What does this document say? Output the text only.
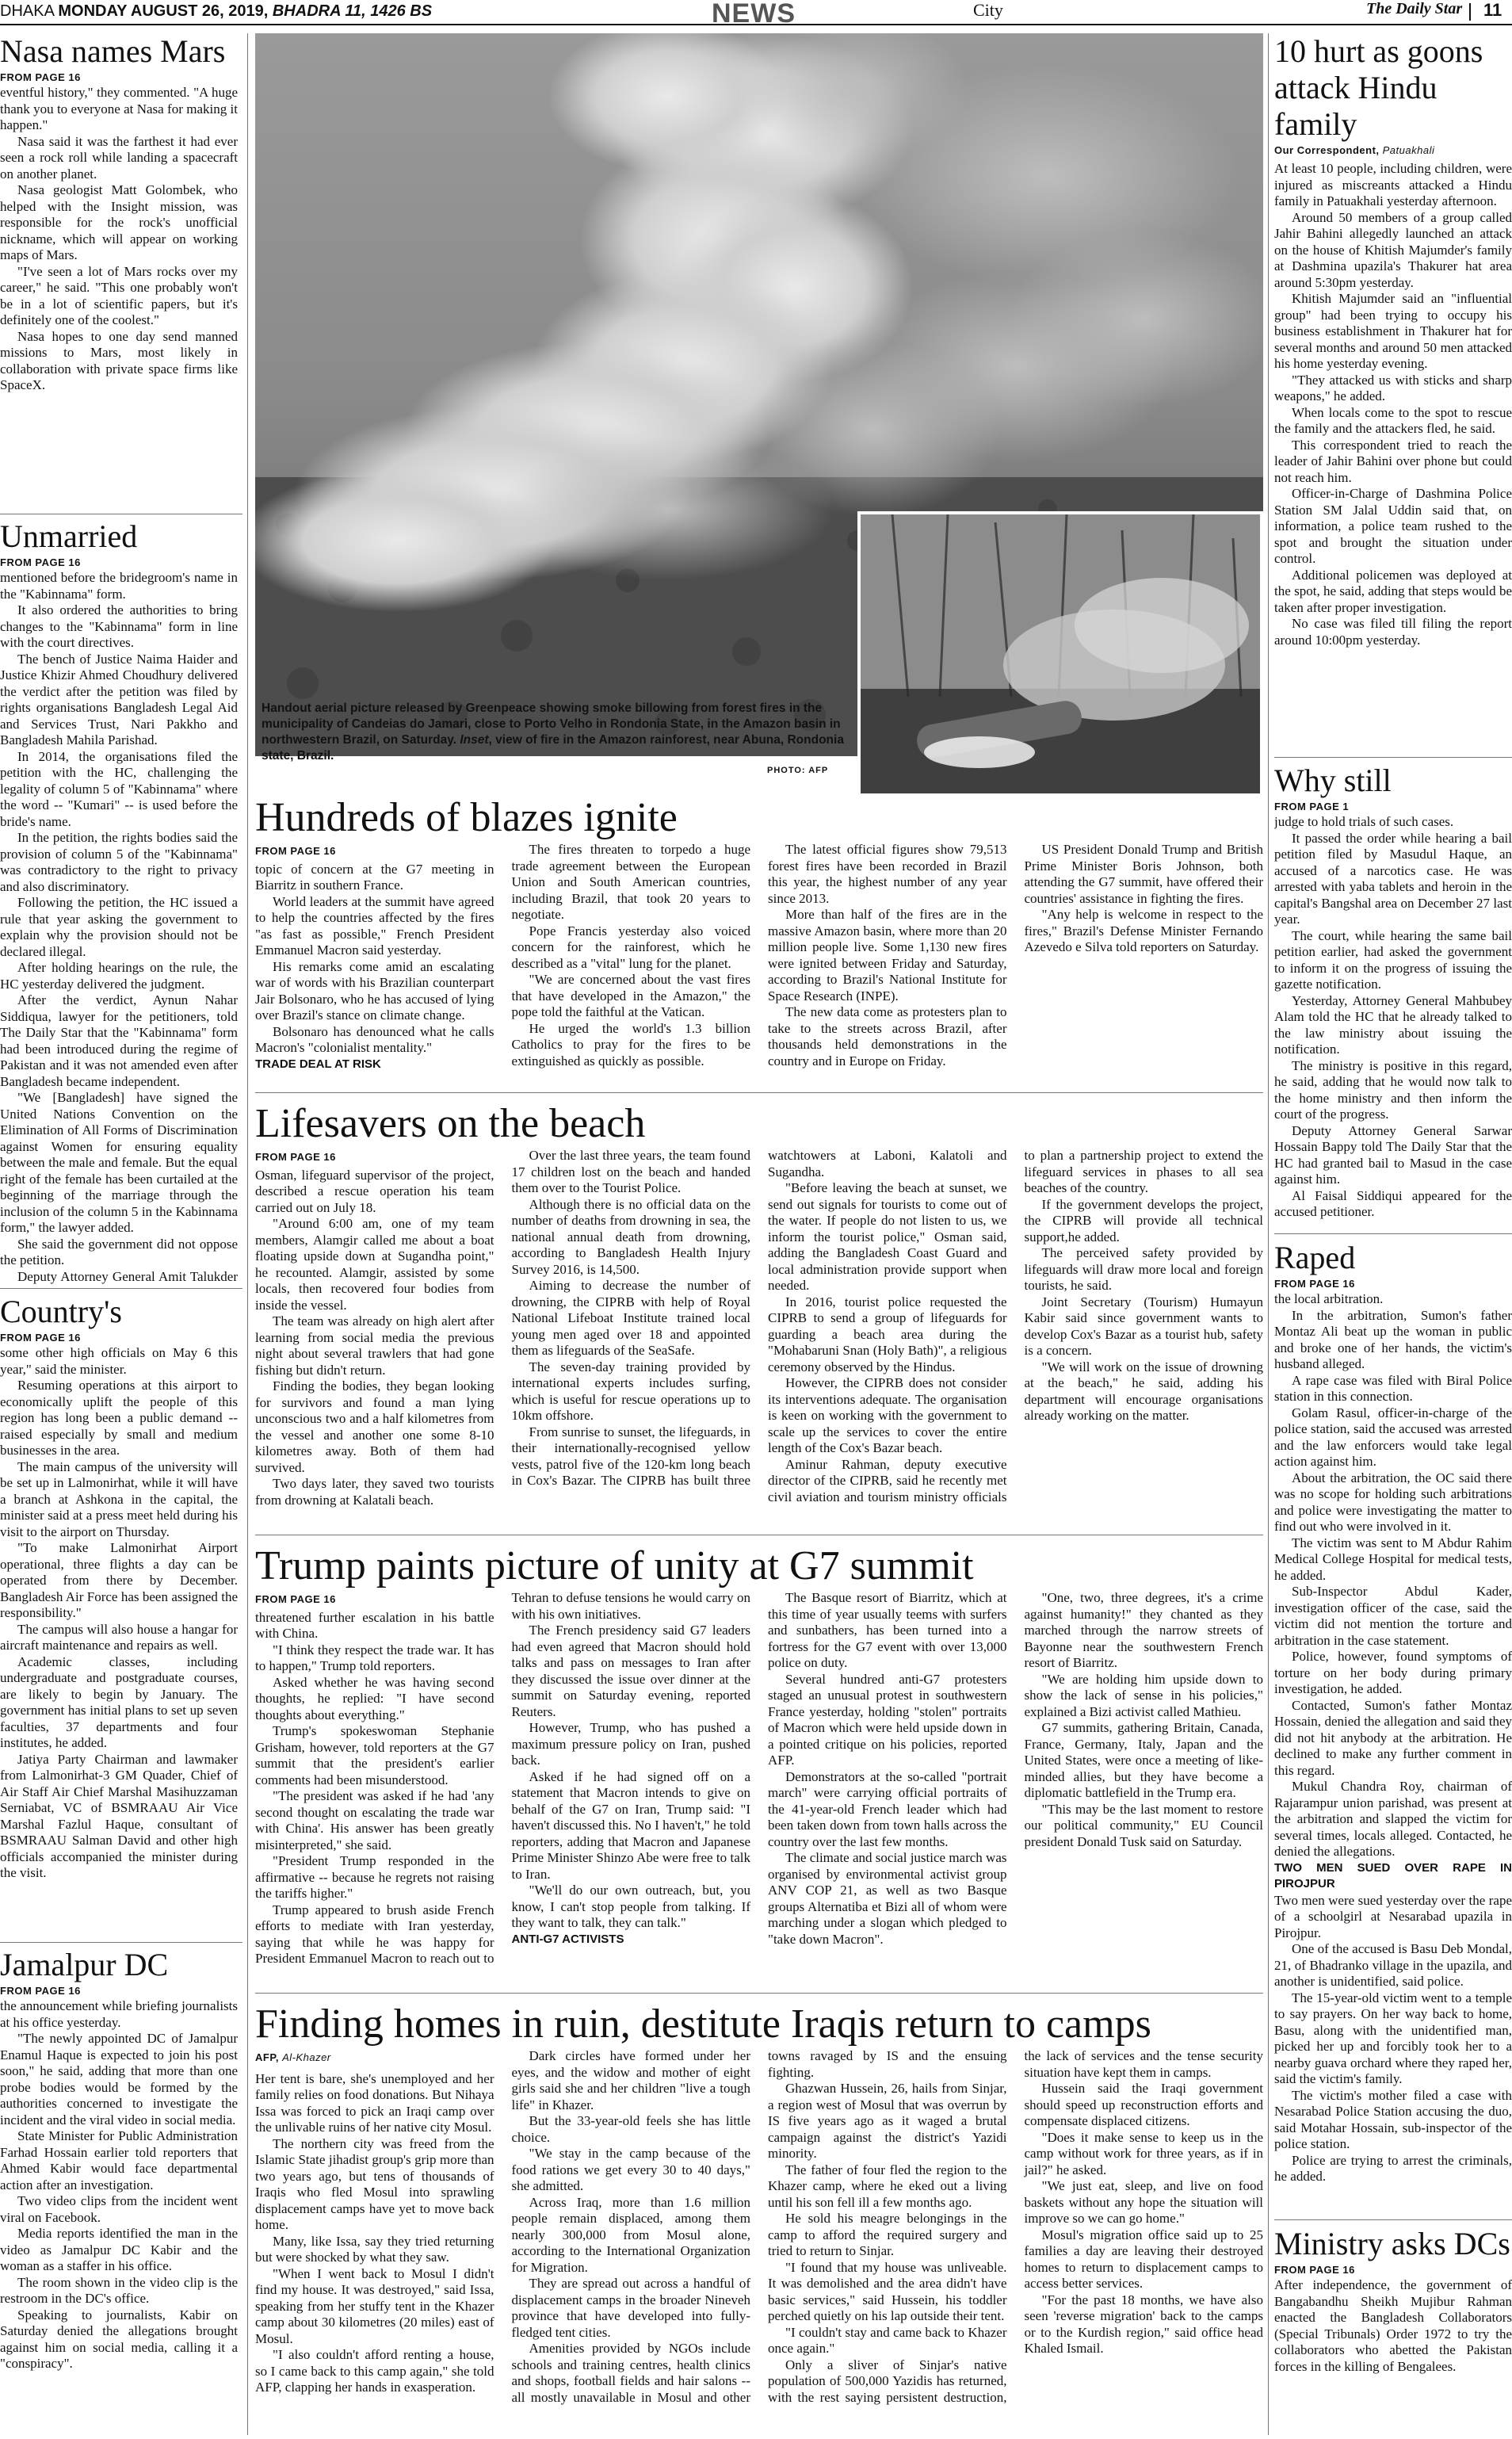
DHAKA MONDAY AUGUST 26, 2019, BHADRA 11, 1426 BS	NEWS	City	The Daily Star 11
Nasa names Mars
FROM PAGE 16

eventful history," they commented. "A huge thank you to everyone at Nasa for making it happen."

Nasa said it was the farthest it had ever seen a rock roll while landing a spacecraft on another planet.

Nasa geologist Matt Golombek, who helped with the Insight mission, was responsible for the rock's unofficial nickname, which will appear on working maps of Mars.

"I've seen a lot of Mars rocks over my career," he said. "This one probably won't be in a lot of scientific papers, but it's definitely one of the coolest."

Nasa hopes to one day send manned missions to Mars, most likely in collaboration with private space firms like SpaceX.

Unmarried
FROM PAGE 16

mentioned before the bridegroom's name in the "Kabinnama" form.

It also ordered the authorities to bring changes to the "Kabinnama" form in line with the court directives.

The bench of Justice Naima Haider and Justice Khizir Ahmed Choudhury delivered the verdict after the petition was filed by rights organisations Bangladesh Legal Aid and Services Trust, Nari Pakkho and Bangladesh Mahila Parishad.

In 2014, the organisations filed the petition with the HC, challenging the legality of column 5 of "Kabinnama" where the word -- "Kumari" -- is used before the bride's name.

In the petition, the rights bodies said the provision of column 5 of the "Kabinnama" was contradictory to the right to privacy and also discriminatory.

Following the petition, the HC issued a rule that year asking the government to explain why the provision should not be declared illegal.

After holding hearings on the rule, the HC yesterday delivered the judgment.

After the verdict, Aynun Nahar Siddiqua, lawyer for the petitioners, told The Daily Star that the "Kabinnama" form had been introduced during the regime of Pakistan and it was not amended even after Bangladesh became independent.

"We [Bangladesh] have signed the United Nations Convention on the Elimination of All Forms of Discrimination against Women for ensuring equality between the male and female. But the equal right of the female has been curtailed at the beginning of the marriage through the inclusion of the column 5 in the Kabinnama form," the lawyer added.

She said the government did not oppose the petition.

Deputy Attorney General Amit Talukder

Country's
FROM PAGE 16

some other high officials on May 6 this year," said the minister.

Resuming operations at this airport to economically uplift the people of this region has long been a public demand -- raised especially by small and medium businesses in the area.

The main campus of the university will be set up in Lalmonirhat, while it will have a branch at Ashkona in the capital, the minister said at a press meet held during his visit to the airport on Thursday.

"To make Lalmonirhat Airport operational, three flights a day can be operated from there by December. Bangladesh Air Force has been assigned the responsibility."

The campus will also house a hangar for aircraft maintenance and repairs as well.

Academic classes, including undergraduate and postgraduate courses, are likely to begin by January. The government has initial plans to set up seven faculties, 37 departments and four institutes, he added.

Jatiya Party Chairman and lawmaker from Lalmonirhat-3 GM Quader, Chief of Air Staff Air Chief Marshal Masihuzzaman Serniabat, VC of BSMRAAU Air Vice Marshal Fazlul Haque, consultant of BSMRAAU Salman David and other high officials accompanied the minister during the visit.

Jamalpur DC
FROM PAGE 16

the announcement while briefing journalists at his office yesterday.

"The newly appointed DC of Jamalpur Enamul Haque is expected to join his post soon," he said, adding that more than one probe bodies would be formed by the authorities concerned to investigate the incident and the viral video in social media.

State Minister for Public Administration Farhad Hossain earlier told reporters that Ahmed Kabir would face departmental action after an investigation.

Two video clips from the incident went viral on Facebook.

Media reports identified the man in the video as Jamalpur DC Kabir and the woman as a staffer in his office.

The room shown in the video clip is the restroom in the DC's office.

Speaking to journalists, Kabir on Saturday denied the allegations brought against him on social media, calling it a "conspiracy".

Handout aerial picture released by Greenpeace showing smoke billowing from forest fires in the municipality of Candeias do Jamari, close to Porto Velho in Rondonia State, in the Amazon basin in northwestern Brazil, on Saturday. Inset, view of fire in the Amazon rainforest, near Abuna, Rondonia state, Brazil.
PHOTO: AFP
Hundreds of blazes ignite
FROM PAGE 16

topic of concern at the G7 meeting in Biarritz in southern France.

World leaders at the summit have agreed to help the countries affected by the fires "as fast as possible," French President Emmanuel Macron said yesterday.

His remarks come amid an escalating war of words with his Brazilian counterpart Jair Bolsonaro, who he has accused of lying over Brazil's stance on climate change.

Bolsonaro has denounced what he calls Macron's "colonialist mentality."

TRADE DEAL AT RISK

The fires threaten to torpedo a huge trade agreement between the European Union and South American countries, including Brazil, that took 20 years to negotiate.

Pope Francis yesterday also voiced concern for the rainforest, which he described as a "vital" lung for the planet.

"We are concerned about the vast fires that have developed in the Amazon," the pope told the faithful at the Vatican.

He urged the world's 1.3 billion Catholics to pray for the fires to be extinguished as quickly as possible.

The latest official figures show 79,513 forest fires have been recorded in Brazil this year, the highest number of any year since 2013.

More than half of the fires are in the massive Amazon basin, where more than 20 million people live. Some 1,130 new fires were ignited between Friday and Saturday, according to Brazil's National Institute for Space Research (INPE).

The new data come as protesters plan to take to the streets across Brazil, after thousands held demonstrations in the country and in Europe on Friday.

US President Donald Trump and British Prime Minister Boris Johnson, both attending the G7 summit, have offered their countries' assistance in fighting the fires.

"Any help is welcome in respect to the fires," Brazil's Defense Minister Fernando Azevedo e Silva told reporters on Saturday.

Lifesavers on the beach
FROM PAGE 16

Osman, lifeguard supervisor of the project, described a rescue operation his team carried out on July 18.

"Around 6:00 am, one of my team members, Alamgir called me about a boat floating upside down at Sugandha point," he recounted. Alamgir, assisted by some locals, then recovered four bodies from inside the vessel.

The team was already on high alert after learning from social media the previous night about several trawlers that had gone fishing but didn't return.

Finding the bodies, they began looking for survivors and found a man lying unconscious two and a half kilometres from the vessel and another one some 8-10 kilometres away. Both of them had survived.

Two days later, they saved two tourists from drowning at Kalatali beach.

Over the last three years, the team found 17 children lost on the beach and handed them over to the Tourist Police.

Although there is no official data on the number of deaths from drowning in sea, the national annual death from drowning, according to Bangladesh Health Injury Survey 2016, is 14,500.

Aiming to decrease the number of drowning, the CIPRB with help of Royal National Lifeboat Institute trained local young men aged over 18 and appointed them as lifeguards of the SeaSafe.

The seven-day training provided by international experts includes surfing, which is useful for rescue operations up to 10km offshore.

From sunrise to sunset, the lifeguards, in their internationally-recognised yellow vests, patrol five of the 120-km long beach in Cox's Bazar. The CIPRB has built three watchtowers at Laboni, Kalatoli and Sugandha.

"Before leaving the beach at sunset, we send out signals for tourists to come out of the water. If people do not listen to us, we inform the tourist police," Osman said, adding the Bangladesh Coast Guard and local administration provide support when needed.

In 2016, tourist police requested the CIPRB to send a group of lifeguards for guarding a beach area during the "Mohabaruni Snan (Holy Bath)", a religious ceremony observed by the Hindus.

However, the CIPRB does not consider its interventions adequate. The organisation is keen on working with the government to scale up the services to cover the entire length of the Cox's Bazar beach.

Aminur Rahman, deputy executive director of the CIPRB, said he recently met civil aviation and tourism ministry officials to plan a partnership project to extend the lifeguard services in phases to all sea beaches of the country.

If the government develops the project, the CIPRB will provide all technical support,he added.

The perceived safety provided by lifeguards will draw more local and foreign tourists, he said.

Joint Secretary (Tourism) Humayun Kabir said since government wants to develop Cox's Bazar as a tourist hub, safety is a concern.

"We will work on the issue of drowning at the beach," he said, adding his department will encourage organisations already working on the matter.

Trump paints picture of unity at G7 summit
FROM PAGE 16

threatened further escalation in his battle with China.

"I think they respect the trade war. It has to happen," Trump told reporters.

Asked whether he was having second thoughts, he replied: "I have second thoughts about everything."

Trump's spokeswoman Stephanie Grisham, however, told reporters at the G7 summit that the president's earlier comments had been misunderstood.

"The president was asked if he had 'any second thought on escalating the trade war with China'. His answer has been greatly misinterpreted," she said.

"President Trump responded in the affirmative -- because he regrets not raising the tariffs higher."

Trump appeared to brush aside French efforts to mediate with Iran yesterday, saying that while he was happy for President Emmanuel Macron to reach out to Tehran to defuse tensions he would carry on with his own initiatives.

The French presidency said G7 leaders had even agreed that Macron should hold talks and pass on messages to Iran after they discussed the issue over dinner at the summit on Saturday evening, reported Reuters.

However, Trump, who has pushed a maximum pressure policy on Iran, pushed back.

Asked if he had signed off on a statement that Macron intends to give on behalf of the G7 on Iran, Trump said: "I haven't discussed this. No I haven't," he told reporters, adding that Macron and Japanese Prime Minister Shinzo Abe were free to talk to Iran.

"We'll do our own outreach, but, you know, I can't stop people from talking. If they want to talk, they can talk."

ANTI-G7 ACTIVISTS

The Basque resort of Biarritz, which at this time of year usually teems with surfers and sunbathers, has been turned into a fortress for the G7 event with over 13,000 police on duty.

Several hundred anti-G7 protesters staged an unusual protest in southwestern France yesterday, holding "stolen" portraits of Macron which were held upside down in a pointed critique on his policies, reported AFP.

Demonstrators at the so-called "portrait march" were carrying official portraits of the 41-year-old French leader which had been taken down from town halls across the country over the last few months.

The climate and social justice march was organised by environmental activist group ANV COP 21, as well as two Basque groups Alternatiba et Bizi all of whom were marching under a slogan which pledged to "take down Macron".

"One, two, three degrees, it's a crime against humanity!" they chanted as they marched through the narrow streets of Bayonne near the southwestern French resort of Biarritz.

"We are holding him upside down to show the lack of sense in his policies," explained a Bizi activist called Mathieu.

G7 summits, gathering Britain, Canada, France, Germany, Italy, Japan and the United States, were once a meeting of like-minded allies, but they have become a diplomatic battlefield in the Trump era.

"This may be the last moment to restore our political community," EU Council president Donald Tusk said on Saturday.

Finding homes in ruin, destitute Iraqis return to camps
AFP, Al-Khazer

Her tent is bare, she's unemployed and her family relies on food donations. But Nihaya Issa was forced to pick an Iraqi camp over the unlivable ruins of her native city Mosul.

The northern city was freed from the Islamic State jihadist group's grip more than two years ago, but tens of thousands of Iraqis who fled Mosul into sprawling displacement camps have yet to move back home.

Many, like Issa, say they tried returning but were shocked by what they saw.

"When I went back to Mosul I didn't find my house. It was destroyed," said Issa, speaking from her stuffy tent in the Khazer camp about 30 kilometres (20 miles) east of Mosul.

"I also couldn't afford renting a house, so I came back to this camp again," she told AFP, clapping her hands in exasperation.

Dark circles have formed under her eyes, and the widow and mother of eight girls said she and her children "live a tough life" in Khazer.

But the 33-year-old feels she has little choice.

"We stay in the camp because of the food rations we get every 30 to 40 days," she admitted.

Across Iraq, more than 1.6 million people remain displaced, among them nearly 300,000 from Mosul alone, according to the International Organization for Migration.

They are spread out across a handful of displacement camps in the broader Nineveh province that have developed into fully-fledged tent cities.

Amenities provided by NGOs include schools and training centres, health clinics and shops, football fields and hair salons -- all mostly unavailable in Mosul and other towns ravaged by IS and the ensuing fighting.

Ghazwan Hussein, 26, hails from Sinjar, a region west of Mosul that was overrun by IS five years ago as it waged a brutal campaign against the district's Yazidi minority.

The father of four fled the region to the Khazer camp, where he eked out a living until his son fell ill a few months ago.

He sold his meagre belongings in the camp to afford the required surgery and tried to return to Sinjar.

"I found that my house was unliveable. It was demolished and the area didn't have basic services," said Hussein, his toddler perched quietly on his lap outside their tent.

"I couldn't stay and came back to Khazer once again."

Only a sliver of Sinjar's native population of 500,000 Yazidis has returned, with the rest saying persistent destruction, the lack of services and the tense security situation have kept them in camps.

Hussein said the Iraqi government should speed up reconstruction efforts and compensate displaced citizens.

"Does it make sense to keep us in the camp without work for three years, as if in jail?" he asked.

"We just eat, sleep, and live on food baskets without any hope the situation will improve so we can go home."

Mosul's migration office said up to 25 families a day are leaving their destroyed homes to return to displacement camps to access better services.

"For the past 18 months, we have also seen 'reverse migration' back to the camps or to the Kurdish region," said office head Khaled Ismail.

10 hurt as goons attack Hindu family
Our Correspondent, Patuakhali

At least 10 people, including children, were injured as miscreants attacked a Hindu family in Patuakhali yesterday afternoon.

Around 50 members of a group called Jahir Bahini allegedly launched an attack on the house of Khitish Majumder's family at Dashmina upazila's Thakurer hat area around 5:30pm yesterday.

Khitish Majumder said an "influential group" had been trying to occupy his business establishment in Thakurer hat for several months and around 50 men attacked his home yesterday evening.

"They attacked us with sticks and sharp weapons," he added.

When locals come to the spot to rescue the family and the attackers fled, he said.

This correspondent tried to reach the leader of Jahir Bahini over phone but could not reach him.

Officer-in-Charge of Dashmina Police Station SM Jalal Uddin said that, on information, a police team rushed to the spot and brought the situation under control.

Additional policemen was deployed at the spot, he said, adding that steps would be taken after proper investigation.

No case was filed till filing the report around 10:00pm yesterday.

Why still
FROM PAGE 1

judge to hold trials of such cases.

It passed the order while hearing a bail petition filed by Masudul Haque, an accused of a narcotics case. He was arrested with yaba tablets and heroin in the capital's Bangshal area on December 27 last year.

The court, while hearing the same bail petition earlier, had asked the government to inform it on the progress of issuing the gazette notification.

Yesterday, Attorney General Mahbubey Alam told the HC that he already talked to the law ministry about issuing the notification.

The ministry is positive in this regard, he said, adding that he would now talk to the home ministry and then inform the court of the progress.

Deputy Attorney General Sarwar Hossain Bappy told The Daily Star that the HC had granted bail to Masud in the case against him.

Al Faisal Siddiqui appeared for the accused petitioner.

Raped
FROM PAGE 16

the local arbitration.

In the arbitration, Sumon's father Montaz Ali beat up the woman in public and broke one of her hands, the victim's husband alleged.

A rape case was filed with Biral Police station in this connection.

Golam Rasul, officer-in-charge of the police station, said the accused was arrested and the law enforcers would take legal action against him.

About the arbitration, the OC said there was no scope for holding such arbitrations and police were investigating the matter to find out who were involved in it.

The victim was sent to M Abdur Rahim Medical College Hospital for medical tests, he added.

Sub-Inspector Abdul Kader, investigation officer of the case, said the victim did not mention the torture and arbitration in the case statement.

Police, however, found symptoms of torture on her body during primary investigation, he added.

Contacted, Sumon's father Montaz Hossain, denied the allegation and said they did not hit anybody at the arbitration. He declined to make any further comment in this regard.

Mukul Chandra Roy, chairman of Rajarampur union parishad, was present at the arbitration and slapped the victim for several times, locals alleged. Contacted, he denied the allegations.

TWO MEN SUED OVER RAPE IN PIROJPUR

Two men were sued yesterday over the rape of a schoolgirl at Nesarabad upazila in Pirojpur.

One of the accused is Basu Deb Mondal, 21, of Bhadranko village in the upazila, and another is unidentified, said police.

The 15-year-old victim went to a temple to say prayers. On her way back to home, Basu, along with the unidentified man, picked her up and forcibly took her to a nearby guava orchard where they raped her, said the victim's family.

The victim's mother filed a case with Nesarabad Police Station accusing the duo, said Motahar Hossain, sub-inspector of the police station.

Police are trying to arrest the criminals, he added.

Ministry asks DCs
FROM PAGE 16

After independence, the government of Bangabandhu Sheikh Mujibur Rahman enacted the Bangladesh Collaborators (Special Tribunals) Order 1972 to try the collaborators who abetted the Pakistan forces in the killing of Bengalees.
